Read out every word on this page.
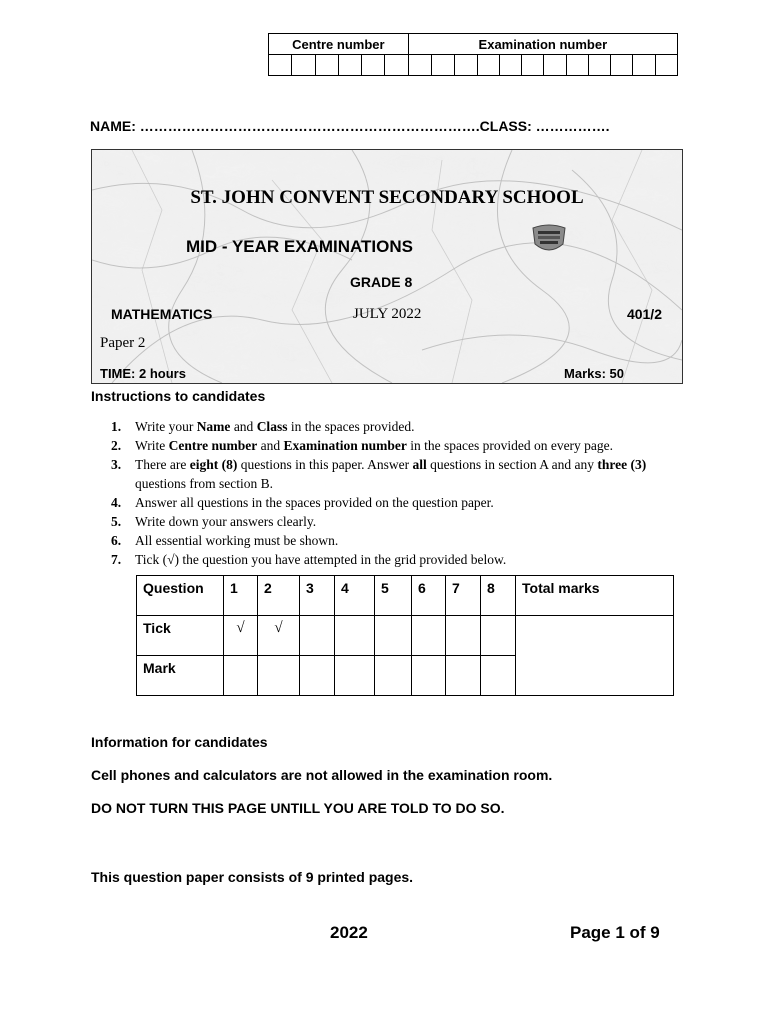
Centre number						Examination number											

NAME: ……………………………………………………………….CLASS: …………….
ST. JOHN CONVENT SECONDARY SCHOOL
MID - YEAR EXAMINATIONS
GRADE 8
MATHEMATICS	JULY 2022	401/2
Paper 2
TIME: 2 hours	Marks: 50
Instructions to candidates
1. Write your Name and Class in the spaces provided.
2. Write Centre number and Examination number in the spaces provided on every page.
3. There are eight (8) questions in this paper. Answer all questions in section A and any three (3) questions from section B.
4. Answer all questions in the spaces provided on the question paper.
5. Write down your answers clearly.
6. All essential working must be shown.
7. Tick (√) the question you have attempted in the grid provided below.
Question	1	2	3	4	5	6	7	8	Total marks

Tick	√	√							

Mark									

Information for candidates
Cell phones and calculators are not allowed in the examination room.
DO NOT TURN THIS PAGE UNTILL YOU ARE TOLD TO DO SO.
This question paper consists of 9 printed pages.
2022	Page 1 of 9
